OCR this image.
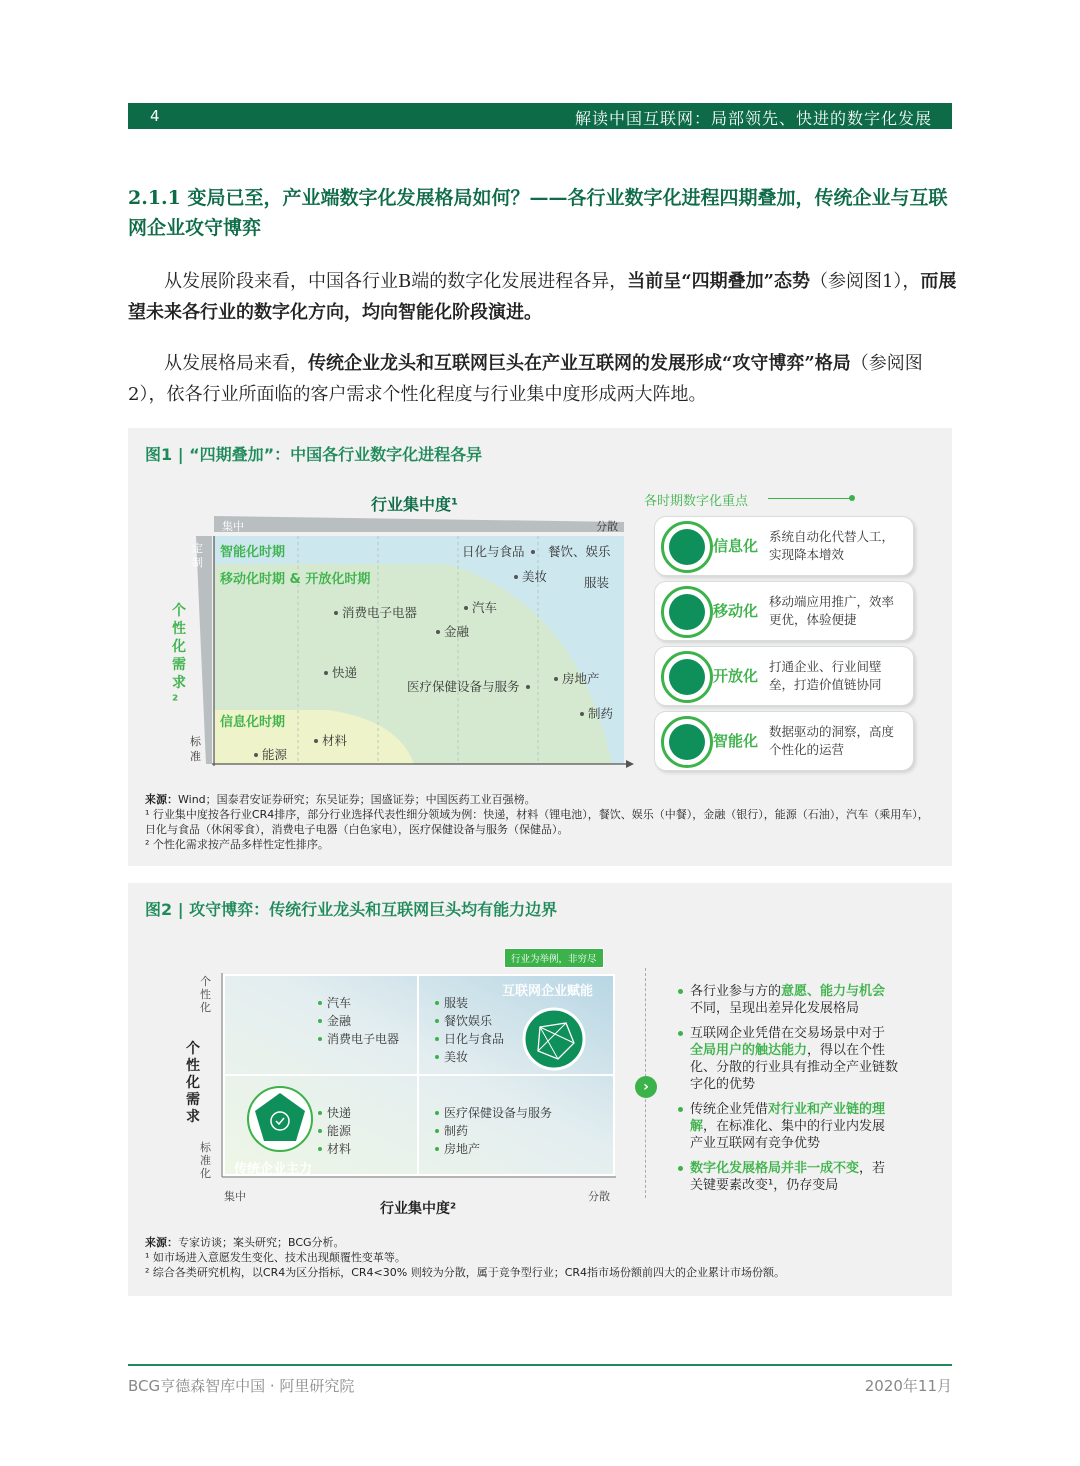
4	解读中国互联网：局部领先、快进的数字化发展
2.1.1 变局已至，产业端数字化发展格局如何？——各行业数字化进程四期叠加，传统企业与互联网企业攻守博弈
从发展阶段来看，中国各行业B端的数字化发展进程各异，当前呈“四期叠加”态势（参阅图1），而展望未来各行业的数字化方向，均向智能化阶段演进。
从发展格局来看，传统企业龙头和互联网巨头在产业互联网的发展形成“攻守博弈”格局（参阅图2），依各行业所面临的客户需求个性化程度与行业集中度形成两大阵地。
图1 | “四期叠加”：中国各行业数字化进程各异
行业集中度¹
集中	分散
定制
标准
个性化需求²
智能化时期
移动化时期 & 开放化时期
信息化时期
日化与食品	餐饮、娱乐
美妆	服装
汽车
消费电子电器
金融
快递
医疗保健设备与服务
房地产
制药
材料
能源
各时期数字化重点
信息化
系统自动化代替人工，实现降本增效
移动化
移动端应用推广，效率更优，体验便捷
开放化
打通企业、行业间壁垒，打造价值链协同
智能化
数据驱动的洞察，高度个性化的运营
来源：Wind；国泰君安证券研究；东吴证券；国盛证券；中国医药工业百强榜。
¹ 行业集中度按各行业CR4排序，部分行业选择代表性细分领域为例：快递，材料（锂电池），餐饮、娱乐（中餐），金融（银行），能源（石油），汽车（乘用车），日化与食品（休闲零食），消费电子电器（白色家电），医疗保健设备与服务（保健品）。
² 个性化需求按产品多样性定性排序。
图2 | 攻守博弈：传统行业龙头和互联网巨头均有能力边界
行业为举例，非穷尽
互联网企业赋能
传统企业主力
汽车
金融
消费电子电器
服装
餐饮娱乐
日化与食品
美妆
快递
能源
材料
医疗保健设备与服务
制药
房地产
个性化
标准化
个性化需求
集中	分散
行业集中度²
›
各行业参与方的意愿、能力与机会不同，呈现出差异化发展格局
互联网企业凭借在交易场景中对于全局用户的触达能力，得以在个性化、分散的行业具有推动全产业链数字化的优势
传统企业凭借对行业和产业链的理解，在标准化、集中的行业内发展产业互联网有竞争优势
数字化发展格局并非一成不变，若关键要素改变¹，仍存变局
来源：专家访谈；案头研究；BCG分析。
¹ 如市场进入意愿发生变化、技术出现颠覆性变革等。
² 综合各类研究机构，以CR4为区分指标，CR4<30% 则较为分散，属于竞争型行业；CR4指市场份额前四大的企业累计市场份额。
BCG亨德森智库中国 · 阿里研究院	2020年11月
